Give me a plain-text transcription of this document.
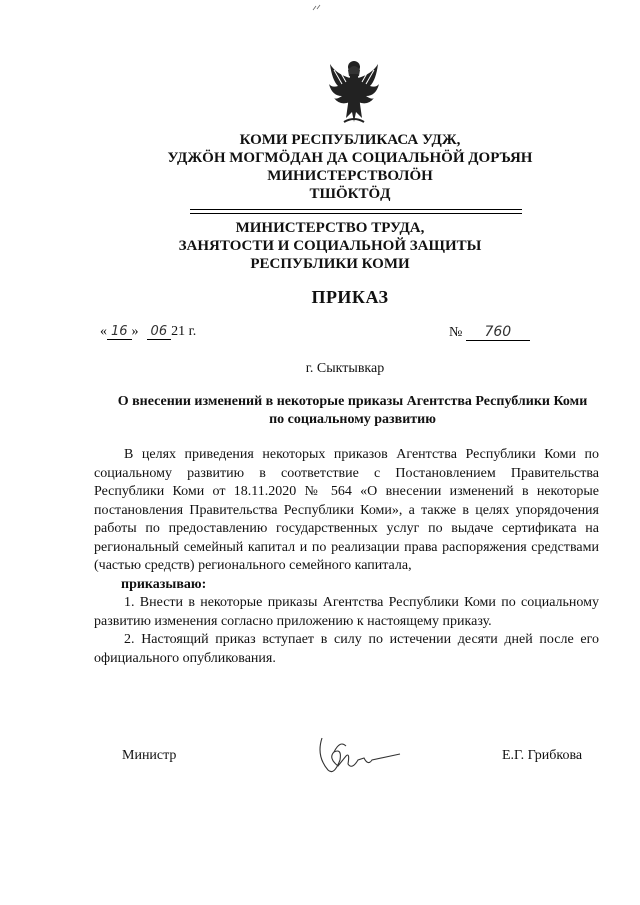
КОМИ РЕСПУБЛИКАСА УДЖ,
УДЖӦН МОГМӦДАН ДА СОЦИАЛЬНӦЙ ДОРЪЯН
МИНИСТЕРСТВОЛӦН
ТШӦКТӦД
МИНИСТЕРСТВО ТРУДА,
ЗАНЯТОСТИ И СОЦИАЛЬНОЙ ЗАЩИТЫ
РЕСПУБЛИКИ КОМИ
ПРИКАЗ
« 16 » 06 21 г.	№ 760
г. Сыктывкар
О внесении изменений в некоторые приказы Агентства Республики Коми по социальному развитию

В целях приведения некоторых приказов Агентства Республики Коми по социальному развитию в соответствие с Постановлением Правительства Республики Коми от 18.11.2020 № 564 «О внесении изменений в некоторые постановления Правительства Республики Коми», а также в целях упорядочения работы по предоставлению государственных услуг по выдаче сертификата на региональный семейный капитал и по реализации права распоряжения средствами (частью средств) регионального семейного капитала,

приказываю:

1. Внести в некоторые приказы Агентства Республики Коми по социальному развитию изменения согласно приложению к настоящему приказу.

2. Настоящий приказ вступает в силу по истечении десяти дней после его официального опубликования.

Министр	Е.Г. Грибкова
